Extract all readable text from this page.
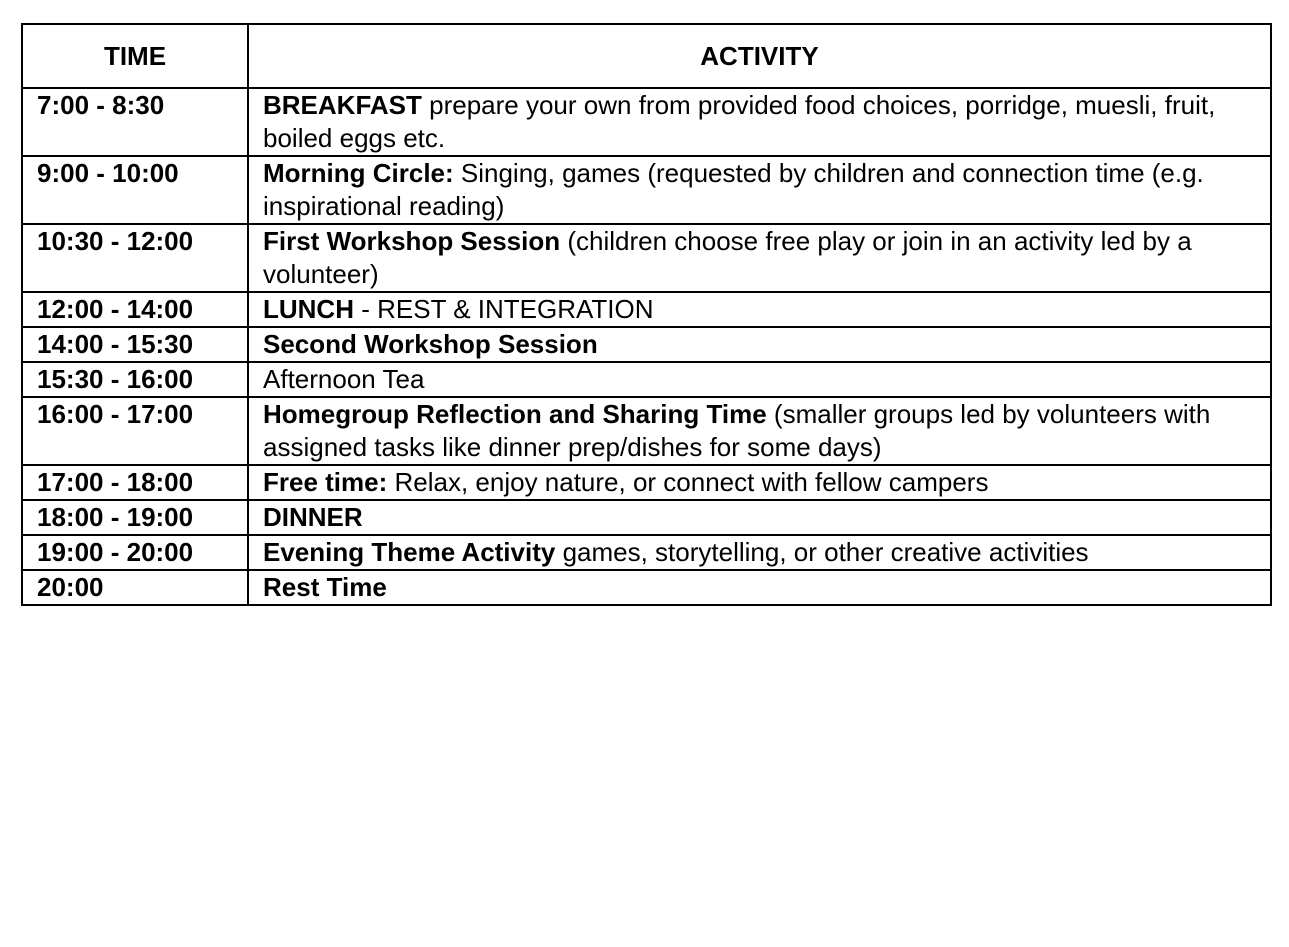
TIME	ACTIVITY
7:00 - 8:30	BREAKFAST prepare your own from provided food choices, porridge, muesli, fruit, boiled eggs etc.
9:00 - 10:00	Morning Circle: Singing, games (requested by children and connection time (e.g. inspirational reading)
10:30 - 12:00	First Workshop Session (children choose free play or join in an activity led by a volunteer)
12:00 - 14:00	LUNCH - REST & INTEGRATION
14:00 - 15:30	Second Workshop Session
15:30 - 16:00	Afternoon Tea
16:00 - 17:00	Homegroup Reflection and Sharing Time (smaller groups led by volunteers with assigned tasks like dinner prep/dishes for some days)
17:00 - 18:00	Free time: Relax, enjoy nature, or connect with fellow campers
18:00 - 19:00	DINNER
19:00 - 20:00	Evening Theme Activity games, storytelling, or other creative activities
20:00	Rest Time
